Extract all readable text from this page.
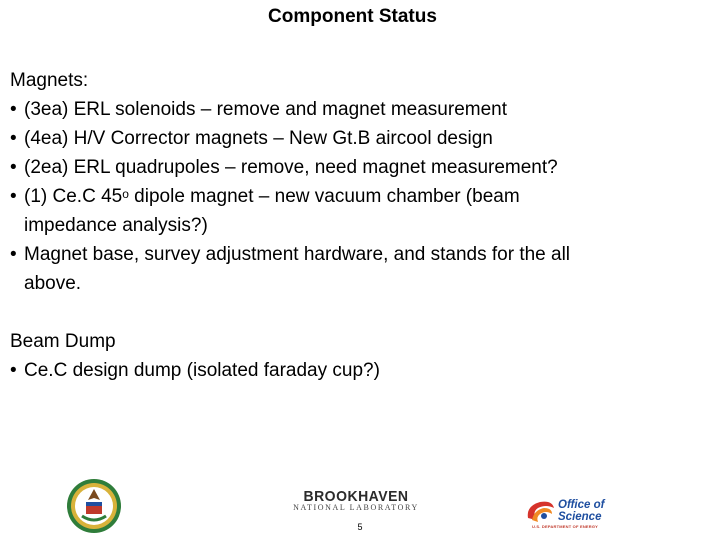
Component Status
Magnets:
• (3ea) ERL solenoids – remove and magnet measurement
• (4ea) H/V Corrector magnets – New Gt.B aircool design
• (2ea) ERL quadrupoles – remove, need magnet measurement?
• (1) Ce.C 45$^o$ dipole magnet – new vacuum chamber (beam
impedance analysis?)
• Magnet base, survey adjustment hardware, and stands for the all
above.
Beam Dump
• Ce.C design dump (isolated faraday cup?)
BROOKHAVEN
NATIONAL LABORATORY
5
Office of
Science
U.S. DEPARTMENT OF ENERGY
